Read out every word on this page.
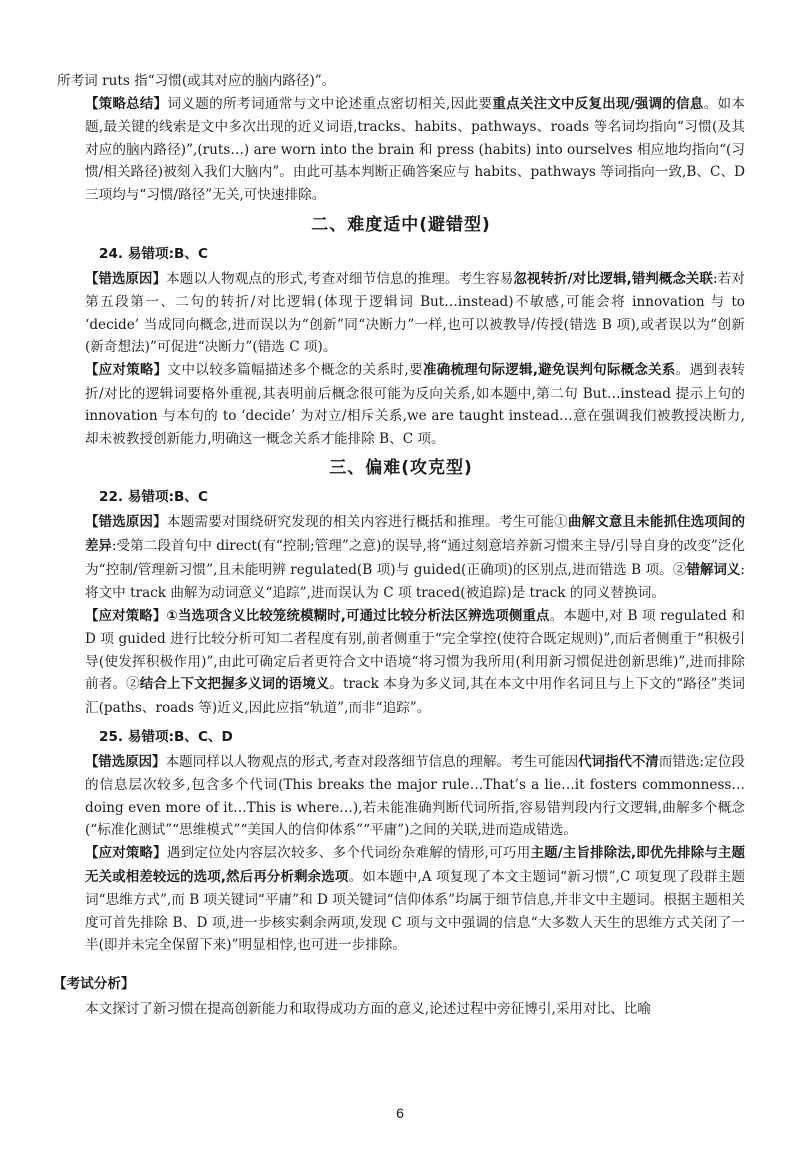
所考词 ruts 指“习惯(或其对应的脑内路径)”。

【策略总结】词义题的所考词通常与文中论述重点密切相关,因此要重点关注文中反复出现/强调的信息。如本题,最关键的线索是文中多次出现的近义词语,tracks、habits、pathways、roads 等名词均指向“习惯(及其对应的脑内路径)”,(ruts…) are worn into the brain 和 press (habits) into ourselves 相应地均指向“(习惯/相关路径)被刻入我们大脑内”。由此可基本判断正确答案应与 habits、pathways 等词指向一致,B、C、D 三项均与“习惯/路径”无关,可快速排除。

二、难度适中(避错型)
24. 易错项:B、C

【错选原因】本题以人物观点的形式,考查对细节信息的推理。考生容易忽视转折/对比逻辑,错判概念关联:若对第五段第一、二句的转折/对比逻辑(体现于逻辑词 But…instead)不敏感,可能会将 innovation 与 to ‘decide’ 当成同向概念,进而误以为“创新”同“决断力”一样,也可以被教导/传授(错选 B 项),或者误以为“创新(新奇想法)”可促进“决断力”(错选 C 项)。

【应对策略】文中以较多篇幅描述多个概念的关系时,要准确梳理句际逻辑,避免误判句际概念关系。遇到表转折/对比的逻辑词要格外重视,其表明前后概念很可能为反向关系,如本题中,第二句 But…instead 提示上句的 innovation 与本句的 to ‘decide’ 为对立/相斥关系,we are taught instead…意在强调我们被教授决断力,却未被教授创新能力,明确这一概念关系才能排除 B、C 项。

三、偏难(攻克型)
22. 易错项:B、C

【错选原因】本题需要对围绕研究发现的相关内容进行概括和推理。考生可能①曲解文意且未能抓住选项间的差异:受第二段首句中 direct(有“控制;管理”之意)的误导,将“通过刻意培养新习惯来主导/引导自身的改变”泛化为“控制/管理新习惯”,且未能明辨 regulated(B 项)与 guided(正确项)的区别点,进而错选 B 项。②错解词义:将文中 track 曲解为动词意义“追踪”,进而误认为 C 项 traced(被追踪)是 track 的同义替换词。

【应对策略】①当选项含义比较笼统模糊时,可通过比较分析法区辨选项侧重点。本题中,对 B 项 regulated 和 D 项 guided 进行比较分析可知二者程度有别,前者侧重于“完全掌控(使符合既定规则)”,而后者侧重于“积极引导(使发挥积极作用)”,由此可确定后者更符合文中语境“将习惯为我所用(利用新习惯促进创新思维)”,进而排除前者。②结合上下文把握多义词的语境义。track 本身为多义词,其在本文中用作名词且与上下文的“路径”类词汇(paths、roads 等)近义,因此应指“轨道”,而非“追踪”。

25. 易错项:B、C、D

【错选原因】本题同样以人物观点的形式,考查对段落细节信息的理解。考生可能因代词指代不清而错选:定位段的信息层次较多,包含多个代词(This breaks the major rule…That’s a lie…it fosters commonness…doing even more of it…This is where…),若未能准确判断代词所指,容易错判段内行文逻辑,曲解多个概念(“标准化测试”“思维模式”“美国人的信仰体系”“平庸”)之间的关联,进而造成错选。

【应对策略】遇到定位处内容层次较多、多个代词纷杂难解的情形,可巧用主题/主旨排除法,即优先排除与主题无关或相差较远的选项,然后再分析剩余选项。如本题中,A 项复现了本文主题词“新习惯”,C 项复现了段群主题词“思维方式”,而 B 项关键词“平庸”和 D 项关键词“信仰体系”均属于细节信息,并非文中主题词。根据主题相关度可首先排除 B、D 项,进一步核实剩余两项,发现 C 项与文中强调的信息“大多数人天生的思维方式关闭了一半(即并未完全保留下来)”明显相悖,也可进一步排除。

【考试分析】

本文探讨了新习惯在提高创新能力和取得成功方面的意义,论述过程中旁征博引,采用对比、比喻

6
